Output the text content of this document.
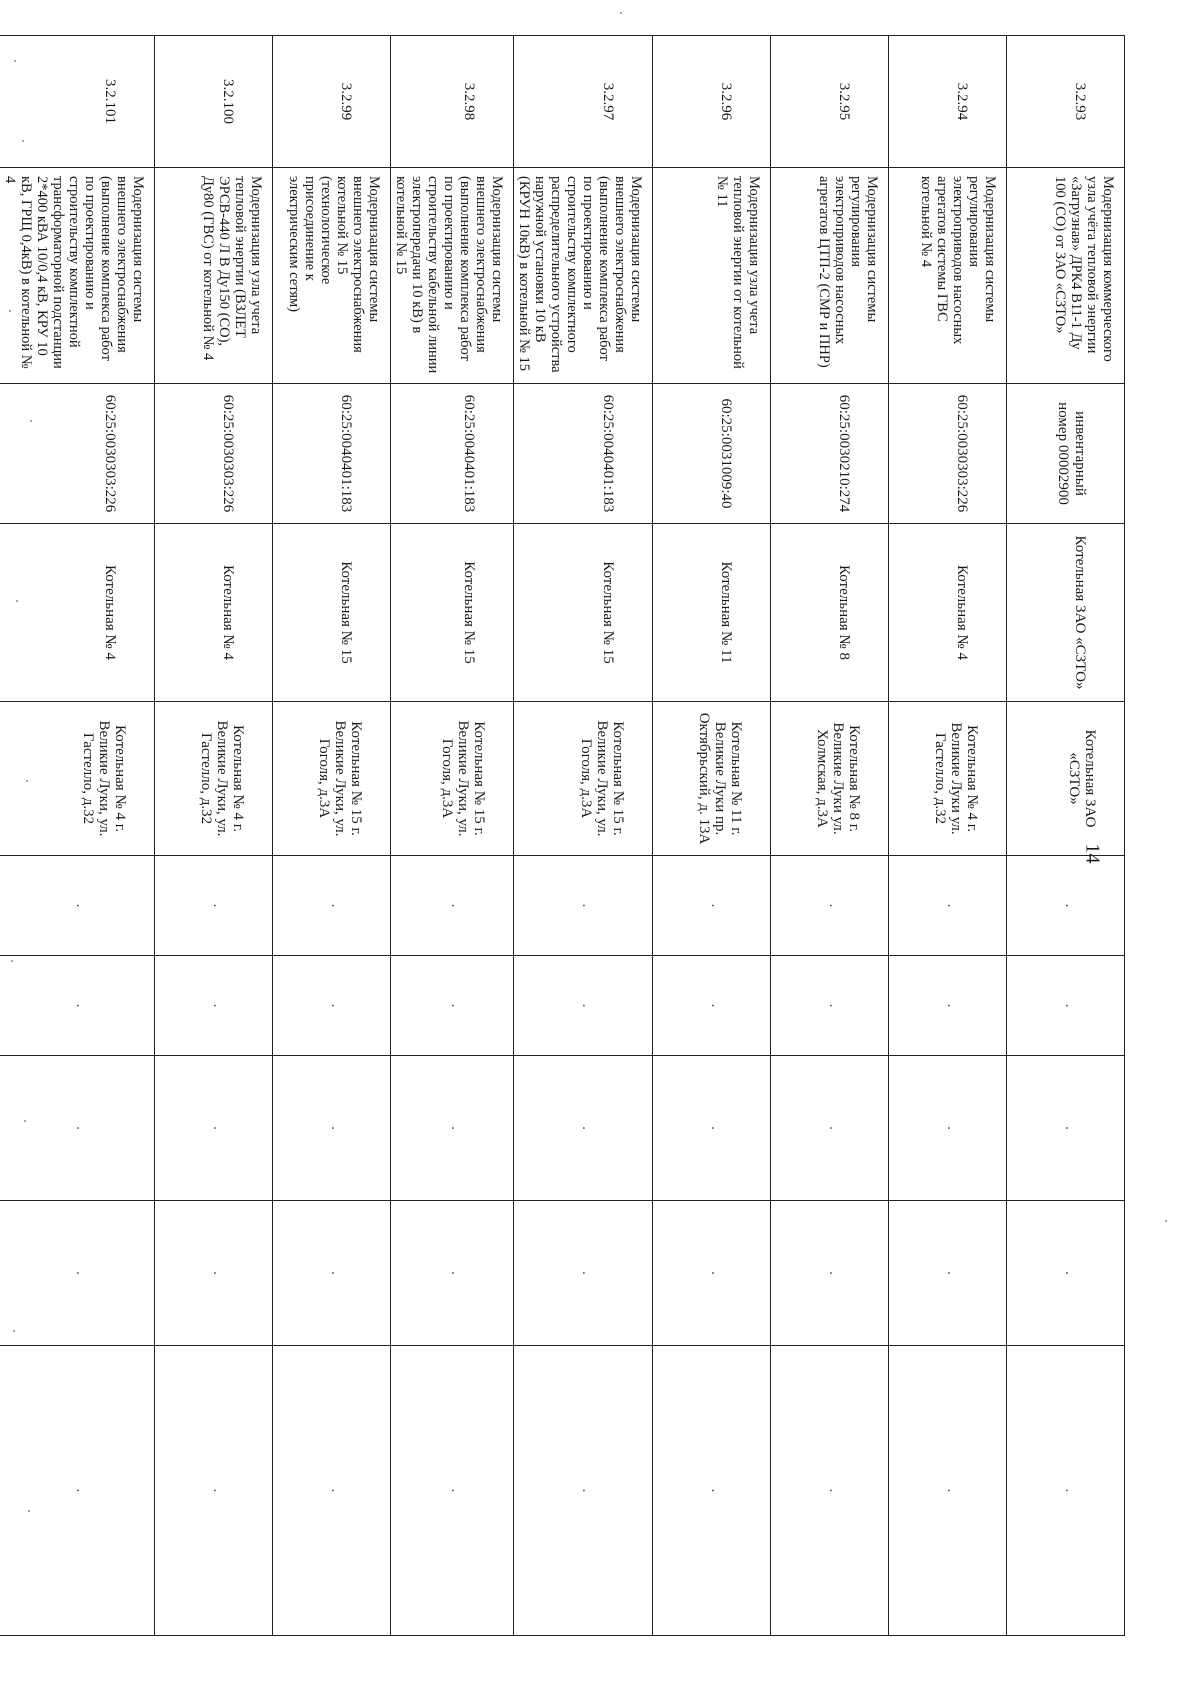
14
3.2.93	Модернизация коммерческого узла учёта тепловой энергии «Загрузная» ДРК4 В11-1 Ду 100 (СО) от ЗАО «СЗТО»	инвентарный номер 00002900	Котельная ЗАО «СЗТО»	Котельная ЗАО «СЗТО»	·	·	·	·	·
3.2.94	Модернизация системы регулирования электроприводов насосных агрегатов системы ГВС котельной № 4	60:25:0030303:226	Котельная № 4	Котельная № 4 г. Великие Луки ул. Гастелло, д.32	·	·	·	·	·
3.2.95	Модернизация системы регулирования электроприводов насосных агрегатов ЦТП-2 (СМР и ПНР)	60:25:0030210:274	Котельная № 8	Котельная № 8 г. Великие Луки ул. Холмская, д.3А	·	·	·	·	·
3.2.96	Модернизация узла учета тепловой энергии от котельной № 11	60:25:0031009:40	Котельная № 11	Котельная № 11 г. Великие Луки пр. Октябрьский, д. 13А	·	·	·	·	·
3.2.97	Модернизация системы внешнего электроснабжения (выполнение комплекса работ по проектированию и строительству комплектного распределительного устройства наружной установки 10 кВ (КРУН 10кВ) в котельной № 15	60:25:0040401:183	Котельная № 15	Котельная № 15 г. Великие Луки, ул. Гоголя, д.3А	·	·	·	·	·
3.2.98	Модернизация системы внешнего электроснабжения (выполнение комплекса работ по проектированию и строительству кабельной линии электропередачи 10 кВ) в котельной № 15	60:25:0040401:183	Котельная № 15	Котельная № 15 г. Великие Луки, ул. Гоголя, д.3А	·	·	·	·	·
3.2.99	Модернизация системы внешнего электроснабжения котельной № 15 (технологическое присоединение к электрическим сетям)	60:25:0040401:183	Котельная № 15	Котельная № 15 г. Великие Луки, ул. Гоголя, д.3А	·	·	·	·	·
3.2.100	Модернизация узла учета тепловой энергии (ВЗЛЕТ ЭРСВ-440 Л В Ду150 (СО), Ду80 (ГВС) от котельной № 4	60:25:0030303:226	Котельная № 4	Котельная № 4 г. Великие Луки, ул. Гастелло, д.32	·	·	·	·	·
3.2.101	Модернизация системы внешнего электроснабжения (выполнение комплекса работ по проектированию и строительству комплектной трансформаторной подстанции 2*400 кВА 10/0,4 кВ, КРУ 10 кВ, ГРЩ 0,4кВ) в котельной № 4	60:25:0030303:226	Котельная № 4	Котельная № 4 г. Великие Луки, ул. Гастелло, д.32	·	·	·	·	·
